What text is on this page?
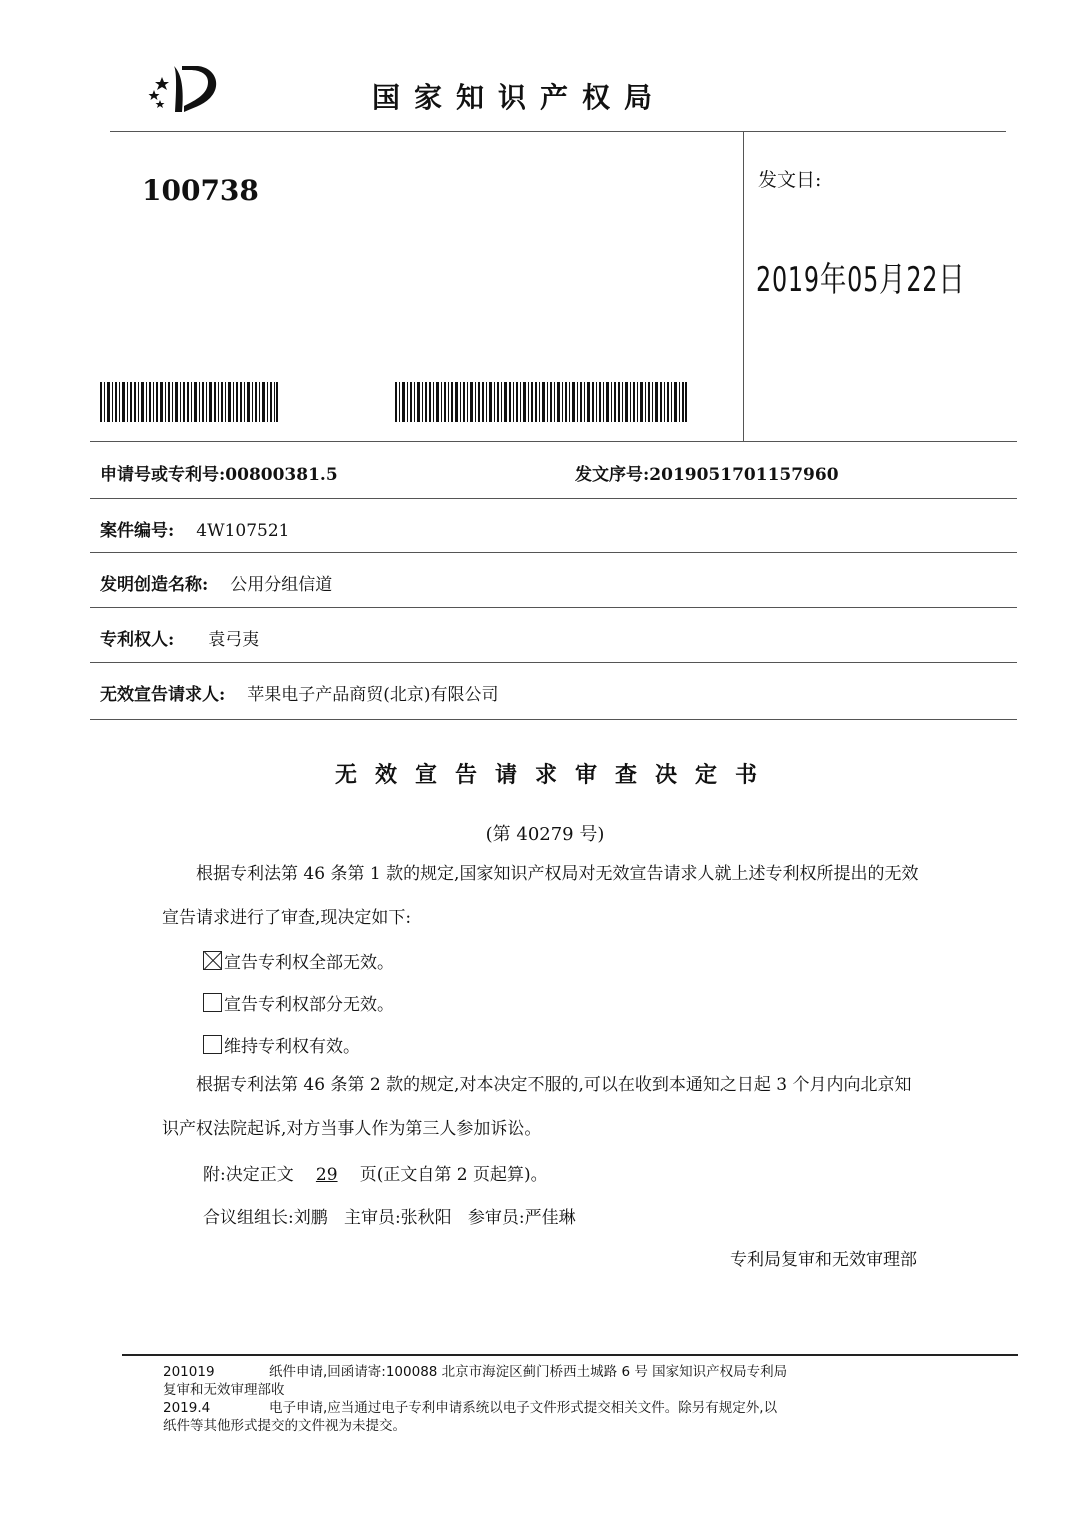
国家知识产权局
100738	发文日:
2019年05月22日
申请号或专利号:00800381.5	发文序号:2019051701157960
案件编号: 4W107521
发明创造名称: 公用分组信道
专利权人: 袁弓夷
无效宣告请求人: 苹果电子产品商贸(北京)有限公司
无效宣告请求审查决定书
(第 40279 号)
根据专利法第 46 条第 1 款的规定,国家知识产权局对无效宣告请求人就上述专利权所提出的无效宣告请求进行了审查,现决定如下:
宣告专利权全部无效。
宣告专利权部分无效。
维持专利权有效。
根据专利法第 46 条第 2 款的规定,对本决定不服的,可以在收到本通知之日起 3 个月内向北京知识产权法院起诉,对方当事人作为第三人参加诉讼。
附:决定正文 29 页(正文自第 2 页起算)。
合议组组长:刘鹏   主审员:张秋阳   参审员:严佳琳
专利局复审和无效审理部
201019	纸件申请,回函请寄:100088 北京市海淀区蓟门桥西土城路 6 号 国家知识产权局专利局
复审和无效审理部收
2019.4	电子申请,应当通过电子专利申请系统以电子文件形式提交相关文件。除另有规定外,以
纸件等其他形式提交的文件视为未提交。
